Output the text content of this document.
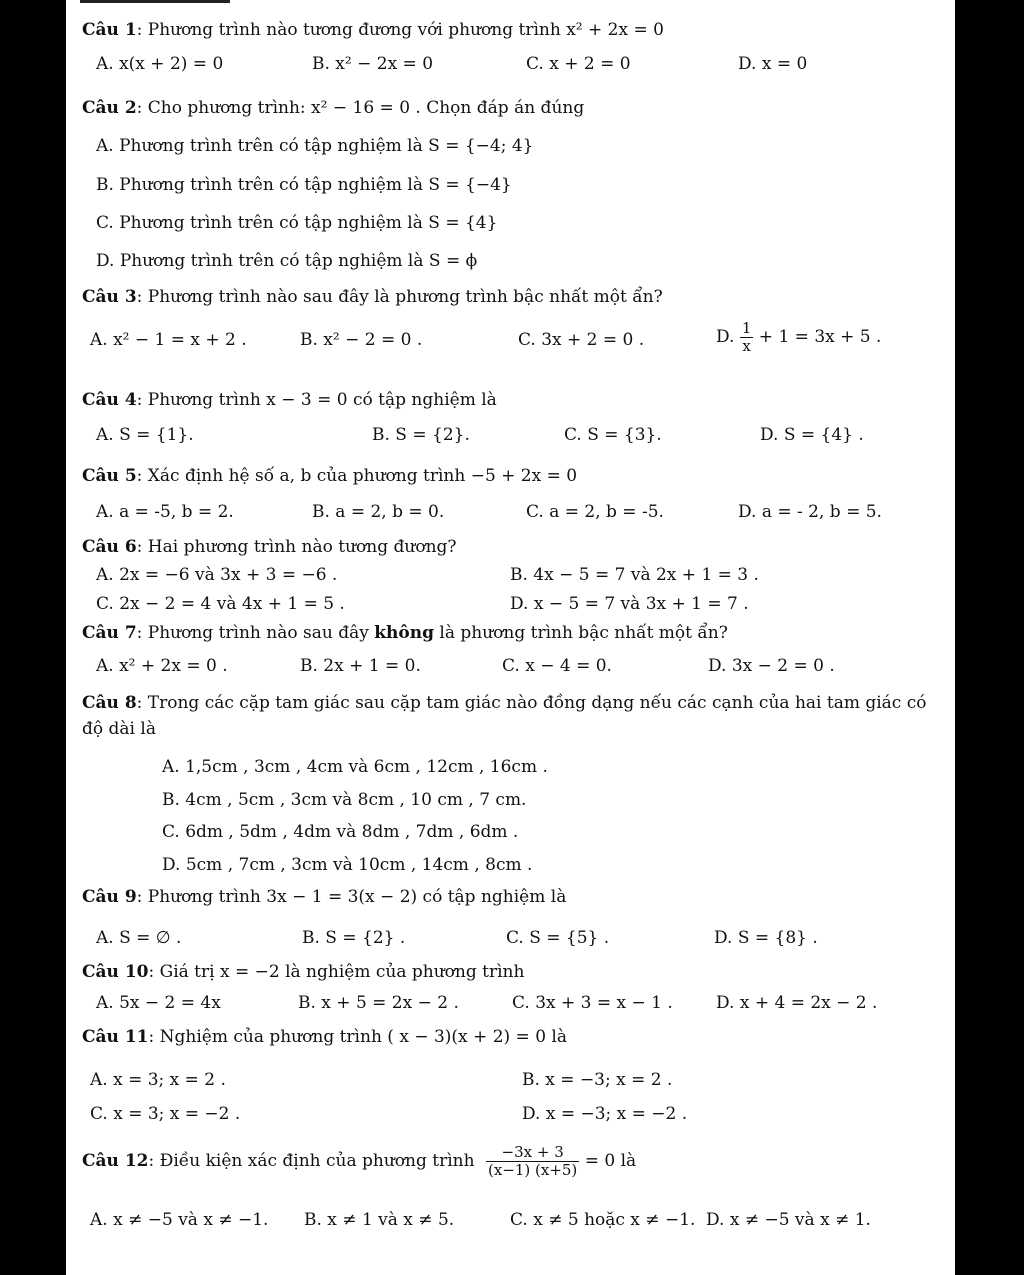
Câu 1: Phương trình nào tương đương với phương trình x² + 2x = 0
A. x(x + 2) = 0	B. x² − 2x = 0	C. x + 2 = 0	D. x = 0
Câu 2: Cho phương trình: x² − 16 = 0 . Chọn đáp án đúng
A. Phương trình trên có tập nghiệm là S = {−4; 4}
B. Phương trình trên có tập nghiệm là S = {−4}
C. Phương trình trên có tập nghiệm là S = {4}
D. Phương trình trên có tập nghiệm là S = ϕ
Câu 3: Phương trình nào sau đây là phương trình bậc nhất một ẩn?
A. x² − 1 = x + 2 .	B. x² − 2 = 0 .	C. 3x + 2 = 0 .	D. $\frac{1}{x} + 1 = 3x + 5$ .
Câu 4: Phương trình x − 3 = 0 có tập nghiệm là
A. S = {1}.	B. S = {2}.	C. S = {3}.	D. S = {4} .
Câu 5: Xác định hệ số a, b của phương trình −5 + 2x = 0
A. a = -5, b = 2.	B. a = 2, b = 0.	C. a = 2, b = -5.	D. a = - 2, b = 5.
Câu 6: Hai phương trình nào tương đương?
A. 2x = −6 và 3x + 3 = −6 .	B. 4x − 5 = 7 và 2x + 1 = 3 .
C. 2x − 2 = 4 và 4x + 1 = 5 .	D. x − 5 = 7 và 3x + 1 = 7 .
Câu 7: Phương trình nào sau đây không là phương trình bậc nhất một ẩn?
A. x² + 2x = 0 .	B. 2x + 1 = 0.	C. x − 4 = 0.	D. 3x − 2 = 0 .
Câu 8: Trong các cặp tam giác sau cặp tam giác nào đồng dạng nếu các cạnh của hai tam giác có
độ dài là
A. 1,5cm , 3cm , 4cm và 6cm , 12cm , 16cm .
B. 4cm , 5cm , 3cm và 8cm , 10 cm , 7 cm.
C. 6dm , 5dm , 4dm và 8dm , 7dm , 6dm .
D. 5cm , 7cm , 3cm và 10cm , 14cm , 8cm .
Câu 9: Phương trình 3x − 1 = 3(x − 2) có tập nghiệm là
A. S = ∅ .	B. S = {2} .	C. S = {5} .	D. S = {8} .
Câu 10: Giá trị x = −2 là nghiệm của phương trình
A. 5x − 2 = 4x	B. x + 5 = 2x − 2 .	C. 3x + 3 = x − 1 .	D. x + 4 = 2x − 2 .
Câu 11: Nghiệm của phương trình ( x − 3)(x + 2) = 0 là
A. x = 3; x = 2 .	B. x = −3; x = 2 .
C. x = 3; x = −2 .	D. x = −3; x = −2 .
Câu 12: Điều kiện xác định của phương trình $\frac{-3x + 3}{(x-1) (x+5)} = 0$ là
A. x ≠ −5 và x ≠ −1. B. x ≠ 1 và x ≠ 5.	C. x ≠ 5 hoặc x ≠ −1. D. x ≠ −5 và x ≠ 1.
